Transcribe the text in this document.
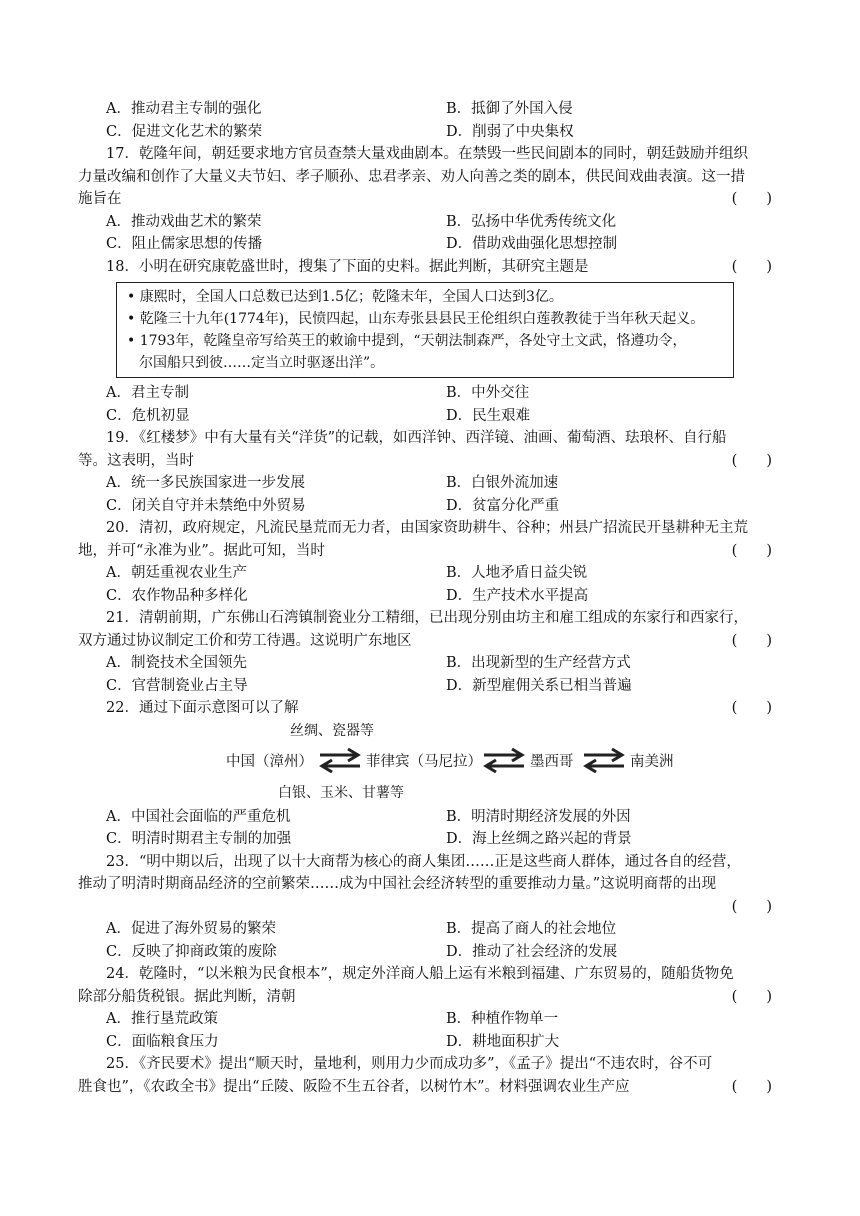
A．推动君主专制的强化	B．抵御了外国入侵
C．促进文化艺术的繁荣	D．削弱了中央集权
17．乾隆年间，朝廷要求地方官员查禁大量戏曲剧本。在禁毁一些民间剧本的同时，朝廷鼓励并组织
力量改编和创作了大量义夫节妇、孝子顺孙、忠君孝亲、劝人向善之类的剧本，供民间戏曲表演。这一措
施旨在	(　　)
A．推动戏曲艺术的繁荣	B．弘扬中华优秀传统文化
C．阻止儒家思想的传播	D．借助戏曲强化思想控制
18．小明在研究康乾盛世时，搜集了下面的史料。据此判断，其研究主题是	(　　)
• 康熙时，全国人口总数已达到1.5亿；乾隆末年，全国人口达到3亿。
• 乾隆三十九年(1774年)，民愤四起，山东寿张县县民王伦组织白莲教教徒于当年秋天起义。
• 1793年，乾隆皇帝写给英王的敕谕中提到，“天朝法制森严，各处守土文武，恪遵功令，
尔国船只到彼……定当立时驱逐出洋”。
A．君主专制	B．中外交往
C．危机初显	D．民生艰难
19．《红楼梦》中有大量有关“洋货”的记载，如西洋钟、西洋镜、油画、葡萄酒、珐琅杯、自行船
等。这表明，当时	(　　)
A．统一多民族国家进一步发展	B．白银外流加速
C．闭关自守并未禁绝中外贸易	D．贫富分化严重
20．清初，政府规定，凡流民垦荒而无力者，由国家资助耕牛、谷种；州县广招流民开垦耕种无主荒
地，并可“永准为业”。据此可知，当时	(　　)
A．朝廷重视农业生产	B．人地矛盾日益尖锐
C．农作物品种多样化	D．生产技术水平提高
21．清朝前期，广东佛山石湾镇制瓷业分工精细，已出现分别由坊主和雇工组成的东家行和西家行，
双方通过协议制定工价和劳工待遇。这说明广东地区	(　　)
A．制瓷技术全国领先	B．出现新型的生产经营方式
C．官营制瓷业占主导	D．新型雇佣关系已相当普遍
22．通过下面示意图可以了解	(　　)
丝绸、瓷器等
中国（漳州）	菲律宾（马尼拉）	墨西哥	南美洲
白银、玉米、甘薯等
A．中国社会面临的严重危机	B．明清时期经济发展的外因
C．明清时期君主专制的加强	D．海上丝绸之路兴起的背景
23．“明中期以后，出现了以十大商帮为核心的商人集团……正是这些商人群体，通过各自的经营，
推动了明清时期商品经济的空前繁荣……成为中国社会经济转型的重要推动力量。”这说明商帮的出现
(　　)
A．促进了海外贸易的繁荣	B．提高了商人的社会地位
C．反映了抑商政策的废除	D．推动了社会经济的发展
24．乾隆时，“以米粮为民食根本”，规定外洋商人船上运有米粮到福建、广东贸易的，随船货物免
除部分船货税银。据此判断，清朝	(　　)
A．推行垦荒政策	B．种植作物单一
C．面临粮食压力	D．耕地面积扩大
25．《齐民要术》提出“顺天时，量地利，则用力少而成功多”，《孟子》提出“不违农时，谷不可
胜食也”，《农政全书》提出“丘陵、阪险不生五谷者，以树竹木”。材料强调农业生产应	(　　)
